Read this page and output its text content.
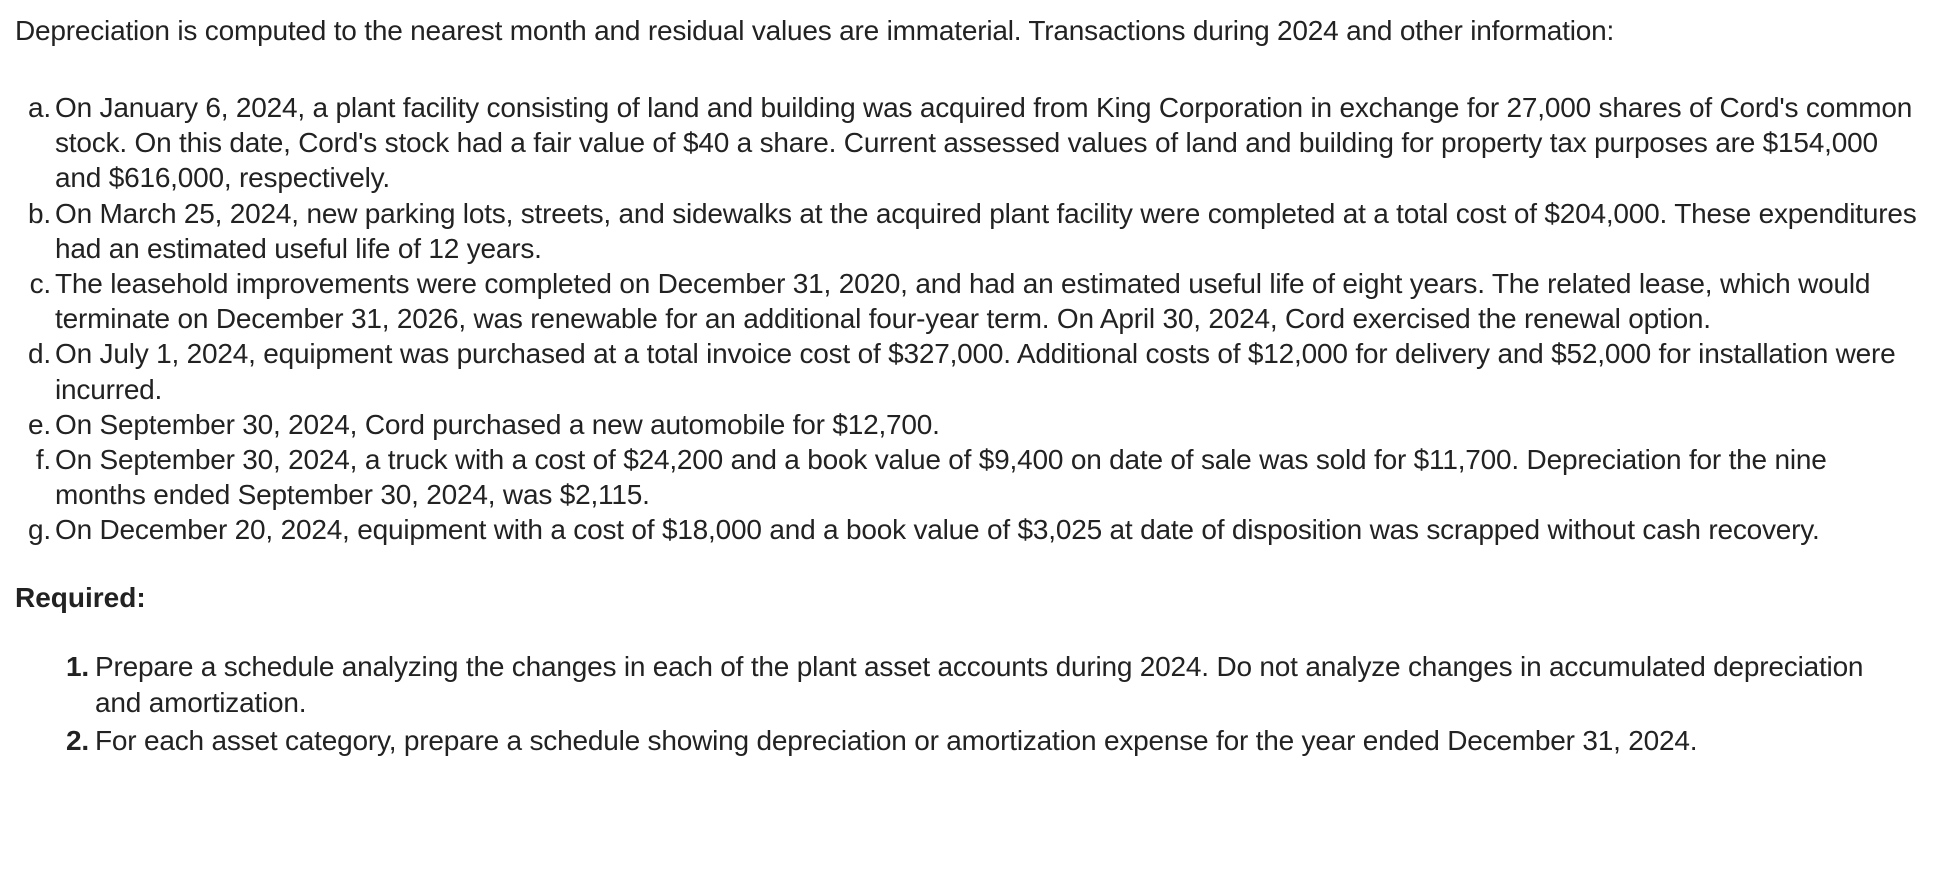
Depreciation is computed to the nearest month and residual values are immaterial. Transactions during 2024 and other information:

a. On January 6, 2024, a plant facility consisting of land and building was acquired from King Corporation in exchange for 27,000 shares of Cord's common stock. On this date, Cord's stock had a fair value of $40 a share. Current assessed values of land and building for property tax purposes are $154,000 and $616,000, respectively.
b. On March 25, 2024, new parking lots, streets, and sidewalks at the acquired plant facility were completed at a total cost of $204,000. These expenditures had an estimated useful life of 12 years.
c. The leasehold improvements were completed on December 31, 2020, and had an estimated useful life of eight years. The related lease, which would terminate on December 31, 2026, was renewable for an additional four-year term. On April 30, 2024, Cord exercised the renewal option.
d. On July 1, 2024, equipment was purchased at a total invoice cost of $327,000. Additional costs of $12,000 for delivery and $52,000 for installation were incurred.
e. On September 30, 2024, Cord purchased a new automobile for $12,700.
f. On September 30, 2024, a truck with a cost of $24,200 and a book value of $9,400 on date of sale was sold for $11,700. Depreciation for the nine months ended September 30, 2024, was $2,115.
g. On December 20, 2024, equipment with a cost of $18,000 and a book value of $3,025 at date of disposition was scrapped without cash recovery.

Required:

1. Prepare a schedule analyzing the changes in each of the plant asset accounts during 2024. Do not analyze changes in accumulated depreciation and amortization.
2. For each asset category, prepare a schedule showing depreciation or amortization expense for the year ended December 31, 2024.
